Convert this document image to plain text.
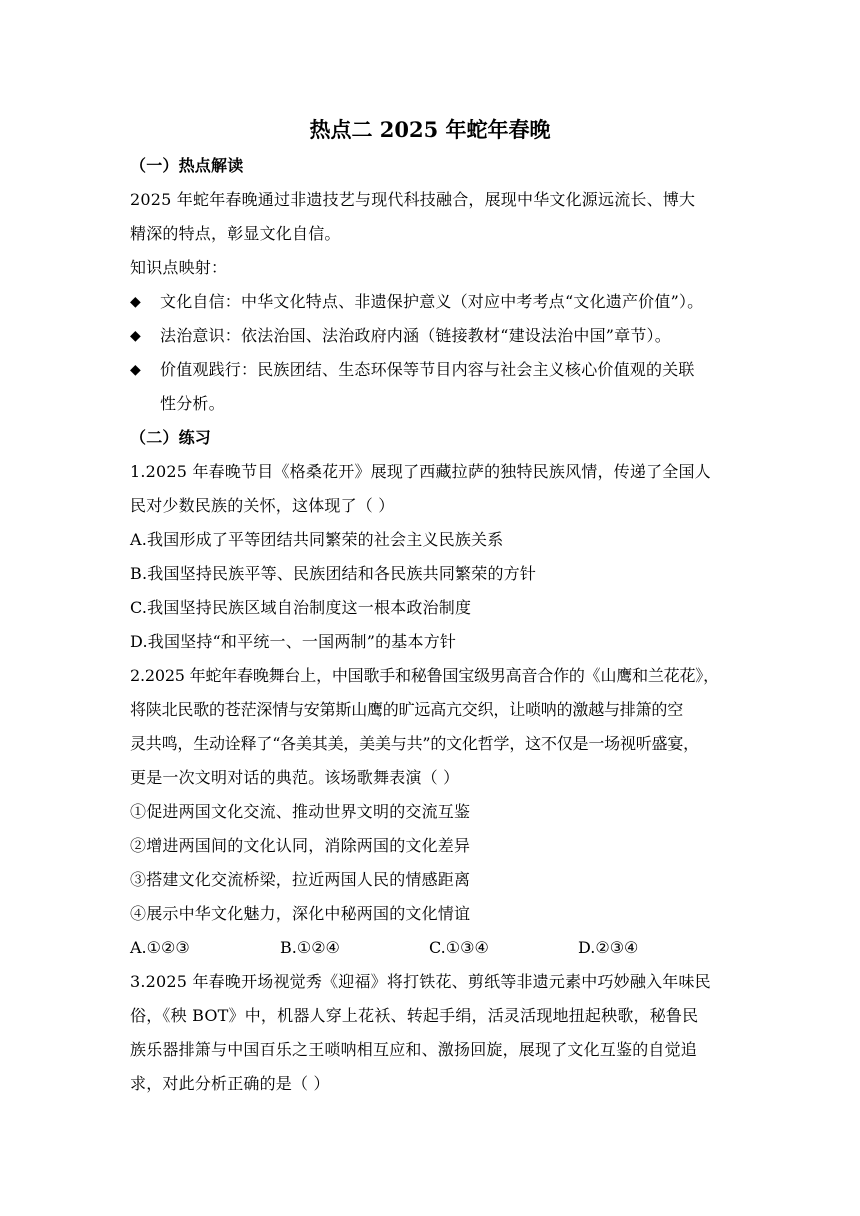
热点二 2025 年蛇年春晚
（一）热点解读
2025 年蛇年春晚通过非遗技艺与现代科技融合，展现中华文化源远流长、博大
精深的特点，彰显文化自信。
知识点映射：
◆ 文化自信：中华文化特点、非遗保护意义（对应中考考点“文化遗产价值”）。
◆ 法治意识：依法治国、法治政府内涵（链接教材“建设法治中国”章节）。
◆ 价值观践行：民族团结、生态环保等节目内容与社会主义核心价值观的关联
性分析。
（二）练习
1.2025 年春晚节目《格桑花开》展现了西藏拉萨的独特民族风情，传递了全国人
民对少数民族的关怀，这体现了（ ）
A.我国形成了平等团结共同繁荣的社会主义民族关系
B.我国坚持民族平等、民族团结和各民族共同繁荣的方针
C.我国坚持民族区域自治制度这一根本政治制度
D.我国坚持“和平统一、一国两制”的基本方针
2.2025 年蛇年春晚舞台上，中国歌手和秘鲁国宝级男高音合作的《山鹰和兰花花》，
将陕北民歌的苍茫深情与安第斯山鹰的旷远高亢交织，让唢呐的激越与排箫的空
灵共鸣，生动诠释了“各美其美，美美与共”的文化哲学，这不仅是一场视听盛宴，
更是一次文明对话的典范。该场歌舞表演（ ）
①促进两国文化交流、推动世界文明的交流互鉴
②增进两国间的文化认同，消除两国的文化差异
③搭建文化交流桥梁，拉近两国人民的情感距离
④展示中华文化魅力，深化中秘两国的文化情谊
A.①②③	B.①②④	C.①③④	D.②③④
3.2025 年春晚开场视觉秀《迎福》将打铁花、剪纸等非遗元素中巧妙融入年味民
俗，《秧 BOT》中，机器人穿上花袄、转起手绢，活灵活现地扭起秧歌，秘鲁民
族乐器排箫与中国百乐之王唢呐相互应和、激扬回旋，展现了文化互鉴的自觉追
求，对此分析正确的是（ ）
